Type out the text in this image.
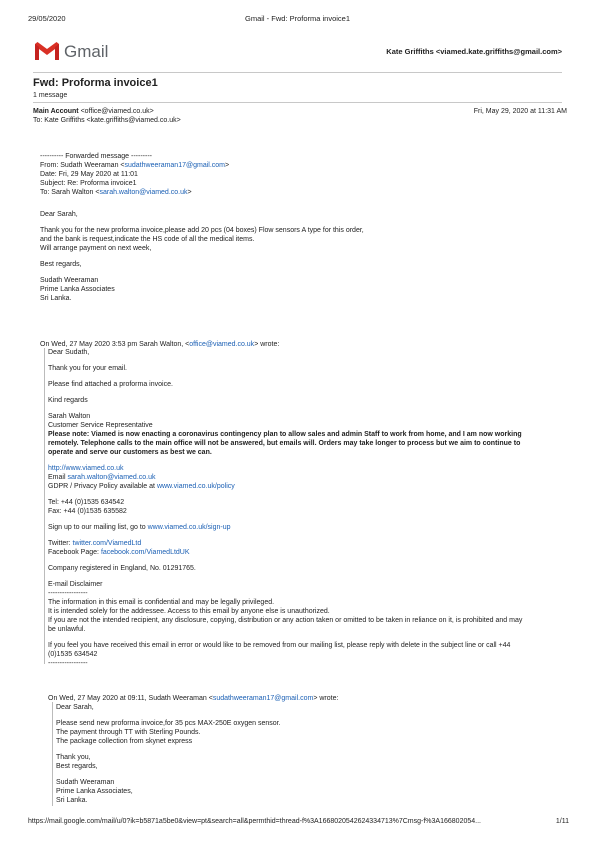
29/05/2020	Gmail - Fwd: Proforma invoice1
Gmail	Kate Griffiths <viamed.kate.griffiths@gmail.com>
Fwd: Proforma invoice1
1 message
Main Account <office@viamed.co.uk>	Fri, May 29, 2020 at 11:31 AM
To: Kate Griffiths <kate.griffiths@viamed.co.uk>
---------- Forwarded message ---------
From: Sudath Weeraman <sudathweeraman17@gmail.com>
Date: Fri, 29 May 2020 at 11:01
Subject: Re: Proforma invoice1
To: Sarah Walton <sarah.walton@viamed.co.uk>
Dear Sarah,
Thank you for the new proforma invoice,please add 20 pcs (04 boxes) Flow sensors A type for this order,
and the bank is request,indicate the HS code of all the medical items.
Will arrange payment on next week,
Best regards,
Sudath Weeraman
Prime Lanka Associates
Sri Lanka.
On Wed, 27 May 2020 3:53 pm Sarah Walton, <office@viamed.co.uk> wrote:
Dear Sudath,
Thank you for your email.
Please find attached a proforma invoice.
Kind regards
Sarah Walton
Customer Service Representative
Please note: Viamed is now enacting a coronavirus contingency plan to allow sales and admin Staff to work from home, and I am now working
remotely. Telephone calls to the main office will not be answered, but emails will. Orders may take longer to process but we aim to continue to
operate and serve our customers as best we can.
http://www.viamed.co.uk
Email sarah.walton@viamed.co.uk
GDPR / Privacy Policy available at www.viamed.co.uk/policy
Tel: +44 (0)1535 634542
Fax: +44 (0)1535 635582
Sign up to our mailing list, go to www.viamed.co.uk/sign-up
Twitter: twitter.com/ViamedLtd
Facebook Page: facebook.com/ViamedLtdUK
Company registered in England, No. 01291765.
E-mail Disclaimer
-----------------
The information in this email is confidential and may be legally privileged.
It is intended solely for the addressee. Access to this email by anyone else is unauthorized.
If you are not the intended recipient, any disclosure, copying, distribution or any action taken or omitted to be taken in reliance on it, is prohibited and may
be unlawful.
If you feel you have received this email in error or would like to be removed from our mailing list, please reply with delete in the subject line or call +44
(0)1535 634542
-----------------
On Wed, 27 May 2020 at 09:11, Sudath Weeraman <sudathweeraman17@gmail.com> wrote:
Dear Sarah,
Please send new proforma invoice,for 35 pcs MAX-250E oxygen sensor.
The payment through TT with Sterling Pounds.
The package collection from skynet express
Thank you,
Best regards,
Sudath Weeraman
Prime Lanka Associates,
Sri Lanka.
https://mail.google.com/mail/u/0?ik=b5871a5be0&view=pt&search=all&permthid=thread-f%3A1668020542624334713%7Cmsg-f%3A166802054...	1/11
